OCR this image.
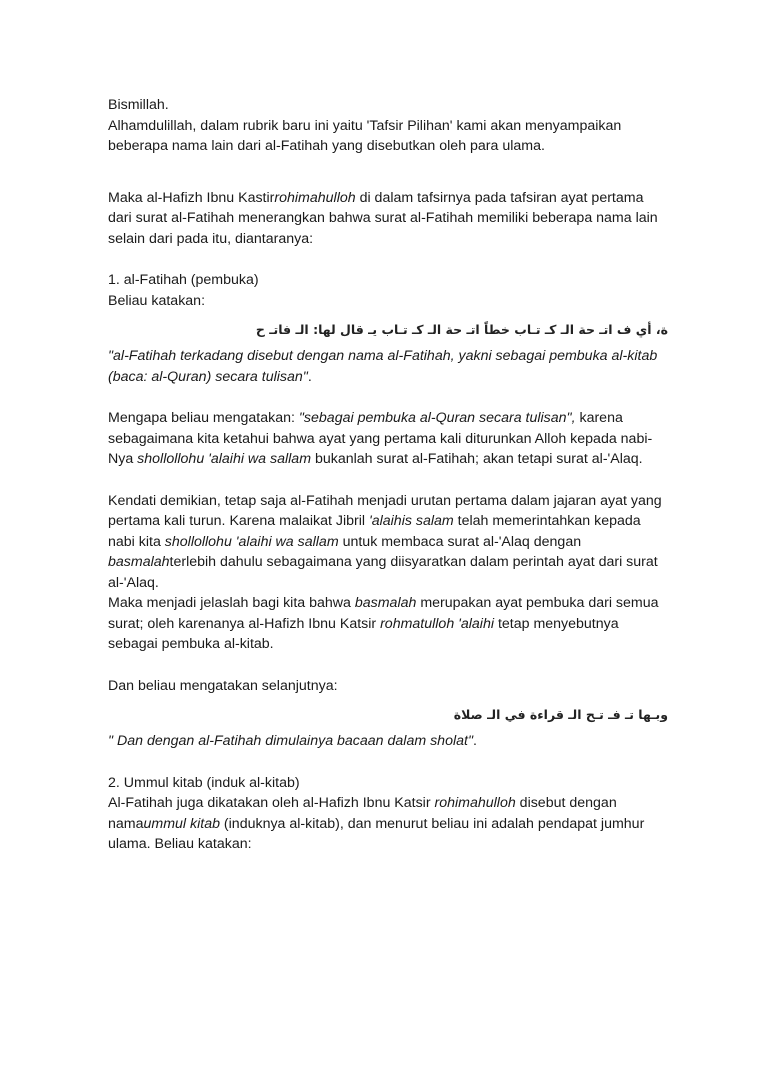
Bismillah.
Alhamdulillah, dalam rubrik baru ini yaitu 'Tafsir Pilihan' kami akan menyampaikan beberapa nama lain dari al-Fatihah yang disebutkan oleh para ulama.

Maka al-Hafizh Ibnu Kastirrohimahulloh di dalam tafsirnya pada tafsiran ayat pertama dari surat al-Fatihah menerangkan bahwa surat al-Fatihah memiliki beberapa nama lain selain dari pada itu, diantaranya:

1. al-Fatihah (pembuka)
Beliau katakan:

ة، أي ف اتـ حة الـ كـ تـاب خطاً اتـ حة الـ كـ تـاب يـ قال لها: الـ فاتـ ح

"al-Fatihah terkadang disebut dengan nama al-Fatihah, yakni sebagai pembuka al-kitab (baca: al-Quran) secara tulisan".

Mengapa beliau mengatakan: "sebagai pembuka al-Quran secara tulisan", karena sebagaimana kita ketahui bahwa ayat yang pertama kali diturunkan Alloh kepada nabi-Nya shollollohu 'alaihi wa sallam bukanlah surat al-Fatihah; akan tetapi surat al-'Alaq.

Kendati demikian, tetap saja al-Fatihah menjadi urutan pertama dalam jajaran ayat yang pertama kali turun. Karena malaikat Jibril 'alaihis salam telah memerintahkan kepada nabi kita shollollohu 'alaihi wa sallam untuk membaca surat al-'Alaq dengan basmalahterlebih dahulu sebagaimana yang diisyaratkan dalam perintah ayat dari surat al-'Alaq.

Maka menjadi jelaslah bagi kita bahwa basmalah merupakan ayat pembuka dari semua surat; oleh karenanya al-Hafizh Ibnu Katsir rohmatulloh 'alaihi tetap menyebutnya sebagai pembuka al-kitab.

Dan beliau mengatakan selanjutnya:

وبـها تـ فـ تـح الـ قراءة في الـ صلاة

" Dan dengan al-Fatihah dimulainya bacaan dalam sholat".

2. Ummul kitab (induk al-kitab)
Al-Fatihah juga dikatakan oleh al-Hafizh Ibnu Katsir rohimahulloh disebut dengan namaummul kitab (induknya al-kitab), dan menurut beliau ini adalah pendapat jumhur ulama. Beliau katakan:
